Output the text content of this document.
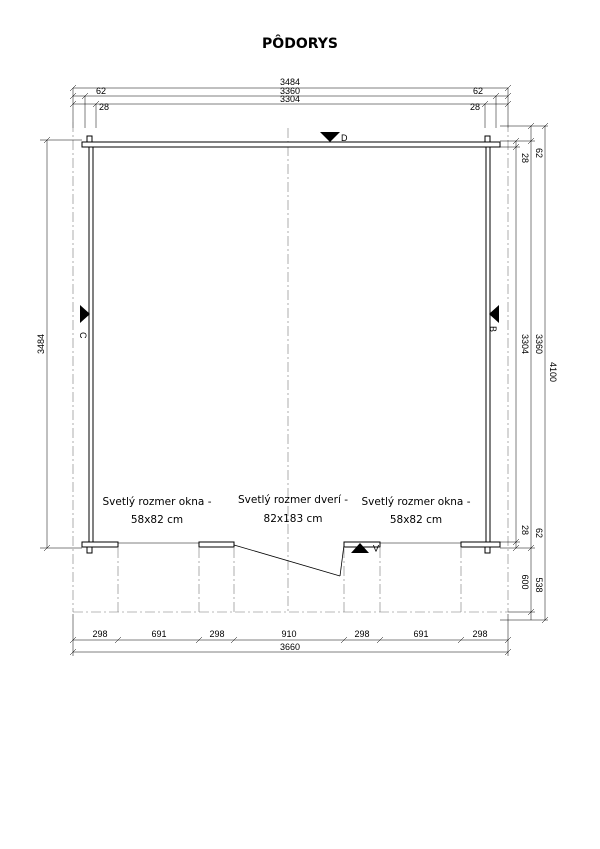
PÔDORYS
3484
3360
3304
62	62
28	28
D
C
B
A
3484
28 62
3304 3360
4100
28 62
600 538
298	691	298	910	298	691	298
3660
Svetlý rozmer okna -
58x82 cm
Svetlý rozmer dverí -
82x183 cm
Svetlý rozmer okna -
58x82 cm
